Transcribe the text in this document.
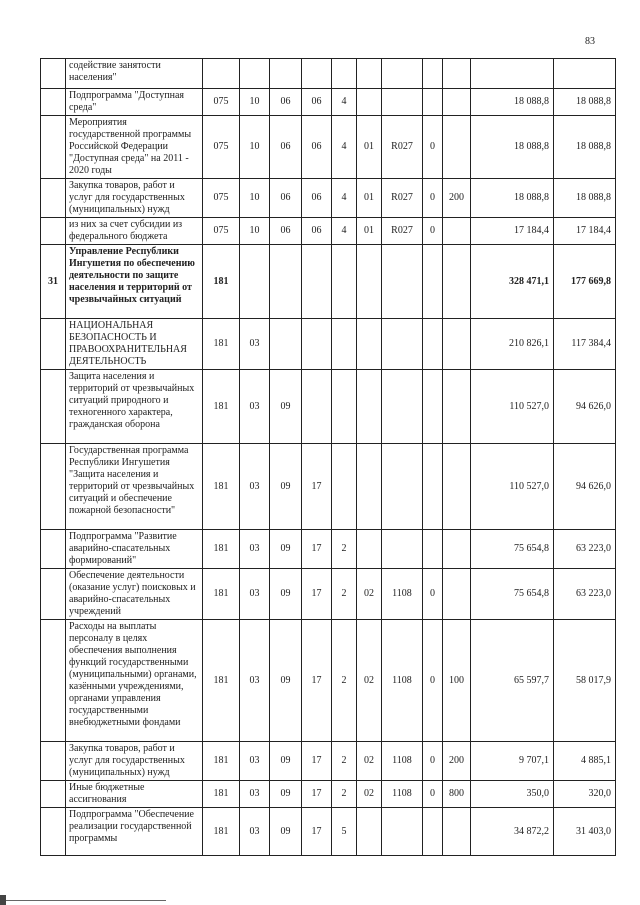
83
	содействие занятости населения"											
	Подпрограмма "Доступная среда"	075	10	06	06	4					18 088,8	18 088,8
	Мероприятия государственной программы Российской Федерации "Доступная среда" на 2011 - 2020 годы	075	10	06	06	4	01	R027	0		18 088,8	18 088,8
	Закупка товаров, работ и услуг для государственных (муниципальных) нужд	075	10	06	06	4	01	R027	0	200	18 088,8	18 088,8
	из них за счет субсидии из федерального бюджета	075	10	06	06	4	01	R027	0		17 184,4	17 184,4
31	Управление Республики Ингушетия по обеспечению деятельности по защите населения и территорий от чрезвычайных ситуаций	181									328 471,1	177 669,8
	НАЦИОНАЛЬНАЯ БЕЗОПАСНОСТЬ И ПРАВООХРАНИТЕЛЬНАЯ ДЕЯТЕЛЬНОСТЬ	181	03								210 826,1	117 384,4
	Защита населения и территорий от чрезвычайных ситуаций природного и техногенного характера, гражданская оборона	181	03	09							110 527,0	94 626,0
	Государственная программа Республики Ингушетия "Защита населения и территорий от чрезвычайных ситуаций и обеспечение пожарной безопасности"	181	03	09	17						110 527,0	94 626,0
	Подпрограмма "Развитие аварийно-спасательных формирований"	181	03	09	17	2					75 654,8	63 223,0
	Обеспечение деятельности (оказание услуг) поисковых и аварийно-спасательных учреждений	181	03	09	17	2	02	1108	0		75 654,8	63 223,0
	Расходы на выплаты персоналу в целях обеспечения выполнения функций государственными (муниципальными) органами, казёнными учреждениями, органами управления государственными внебюджетными фондами	181	03	09	17	2	02	1108	0	100	65 597,7	58 017,9
	Закупка товаров, работ и услуг для государственных (муниципальных) нужд	181	03	09	17	2	02	1108	0	200	9 707,1	4 885,1
	Иные бюджетные ассигнования	181	03	09	17	2	02	1108	0	800	350,0	320,0
	Подпрограмма "Обеспечение реализации государственной программы	181	03	09	17	5					34 872,2	31 403,0
